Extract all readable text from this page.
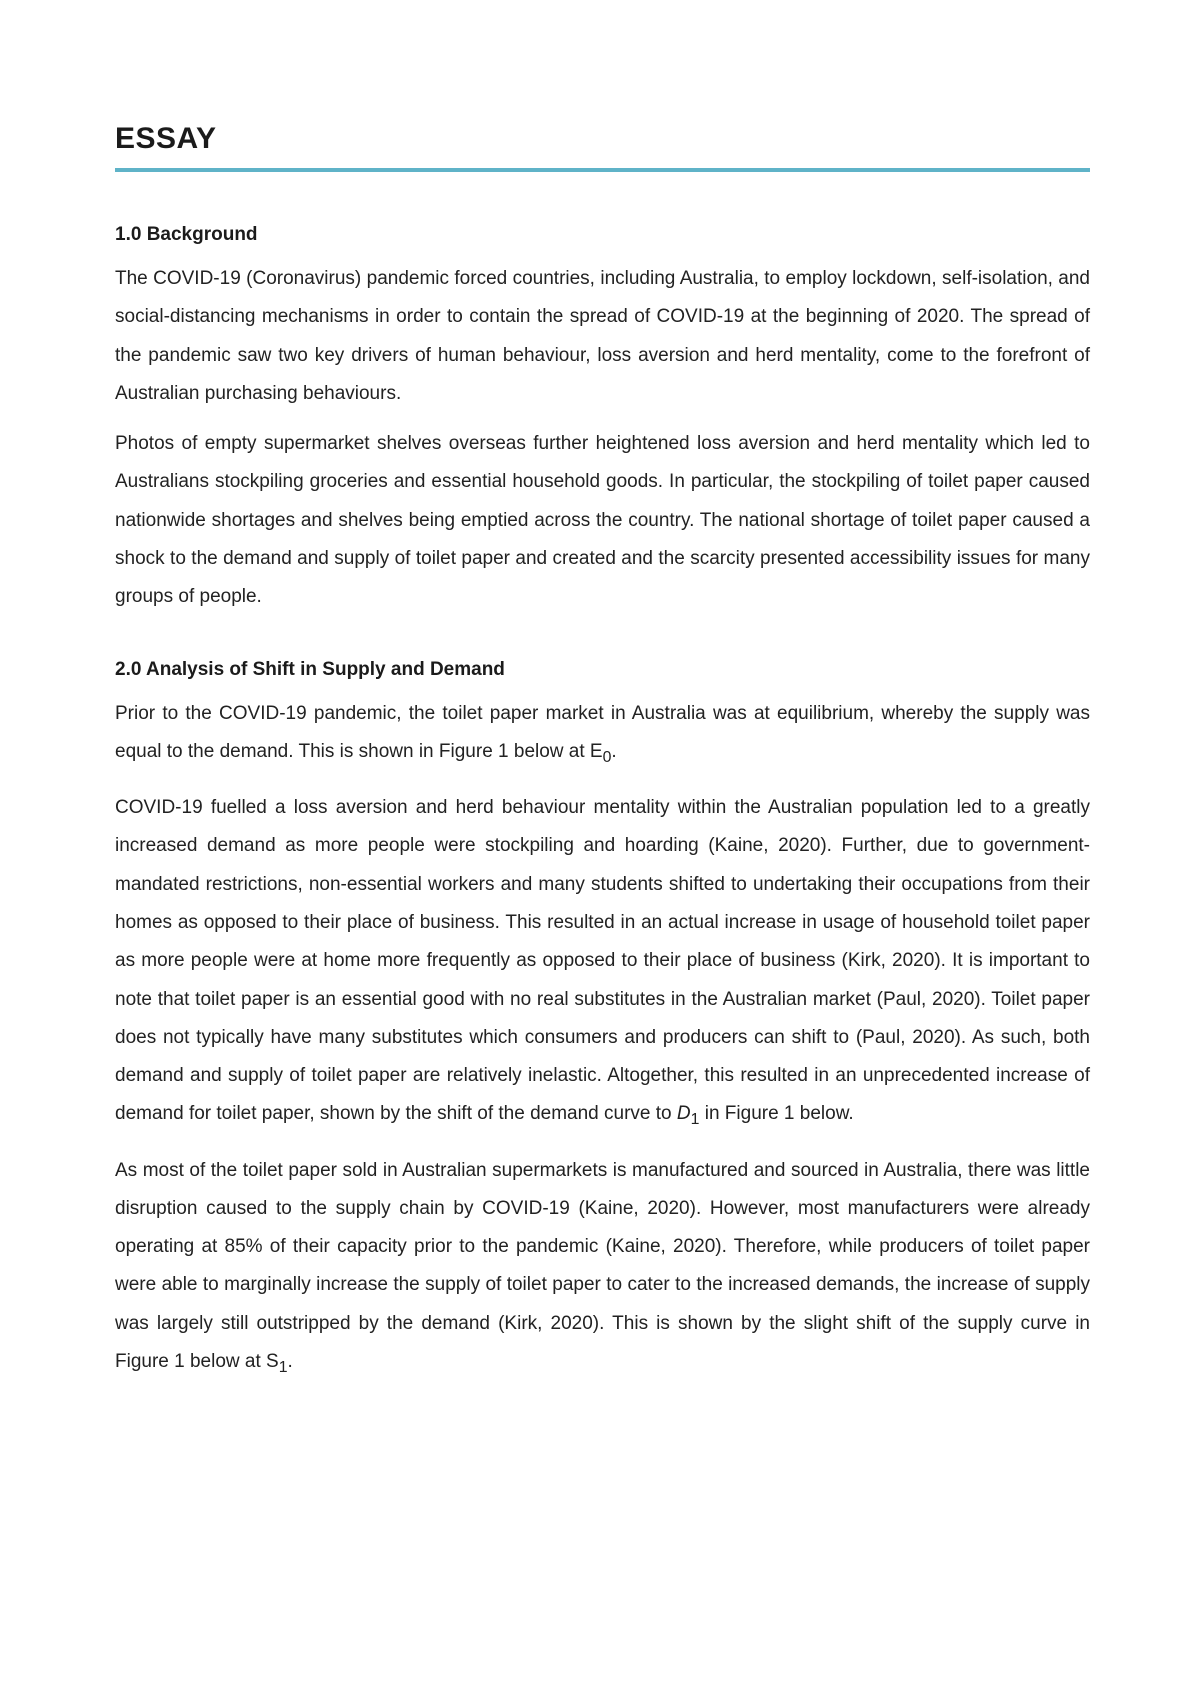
ESSAY
1.0 Background

The COVID-19 (Coronavirus) pandemic forced countries, including Australia, to employ lockdown, self-isolation, and social-distancing mechanisms in order to contain the spread of COVID-19 at the beginning of 2020. The spread of the pandemic saw two key drivers of human behaviour, loss aversion and herd mentality, come to the forefront of Australian purchasing behaviours.

Photos of empty supermarket shelves overseas further heightened loss aversion and herd mentality which led to Australians stockpiling groceries and essential household goods. In particular, the stockpiling of toilet paper caused nationwide shortages and shelves being emptied across the country. The national shortage of toilet paper caused a shock to the demand and supply of toilet paper and created and the scarcity presented accessibility issues for many groups of people.

2.0 Analysis of Shift in Supply and Demand

Prior to the COVID-19 pandemic, the toilet paper market in Australia was at equilibrium, whereby the supply was equal to the demand. This is shown in Figure 1 below at $E_0$.

COVID-19 fuelled a loss aversion and herd behaviour mentality within the Australian population led to a greatly increased demand as more people were stockpiling and hoarding (Kaine, 2020). Further, due to government-mandated restrictions, non-essential workers and many students shifted to undertaking their occupations from their homes as opposed to their place of business. This resulted in an actual increase in usage of household toilet paper as more people were at home more frequently as opposed to their place of business (Kirk, 2020). It is important to note that toilet paper is an essential good with no real substitutes in the Australian market (Paul, 2020). Toilet paper does not typically have many substitutes which consumers and producers can shift to (Paul, 2020). As such, both demand and supply of toilet paper are relatively inelastic. Altogether, this resulted in an unprecedented increase of demand for toilet paper, shown by the shift of the demand curve to $D_1$ in Figure 1 below.

As most of the toilet paper sold in Australian supermarkets is manufactured and sourced in Australia, there was little disruption caused to the supply chain by COVID-19 (Kaine, 2020). However, most manufacturers were already operating at 85% of their capacity prior to the pandemic (Kaine, 2020). Therefore, while producers of toilet paper were able to marginally increase the supply of toilet paper to cater to the increased demands, the increase of supply was largely still outstripped by the demand (Kirk, 2020). This is shown by the slight shift of the supply curve in Figure 1 below at $S_1$.
